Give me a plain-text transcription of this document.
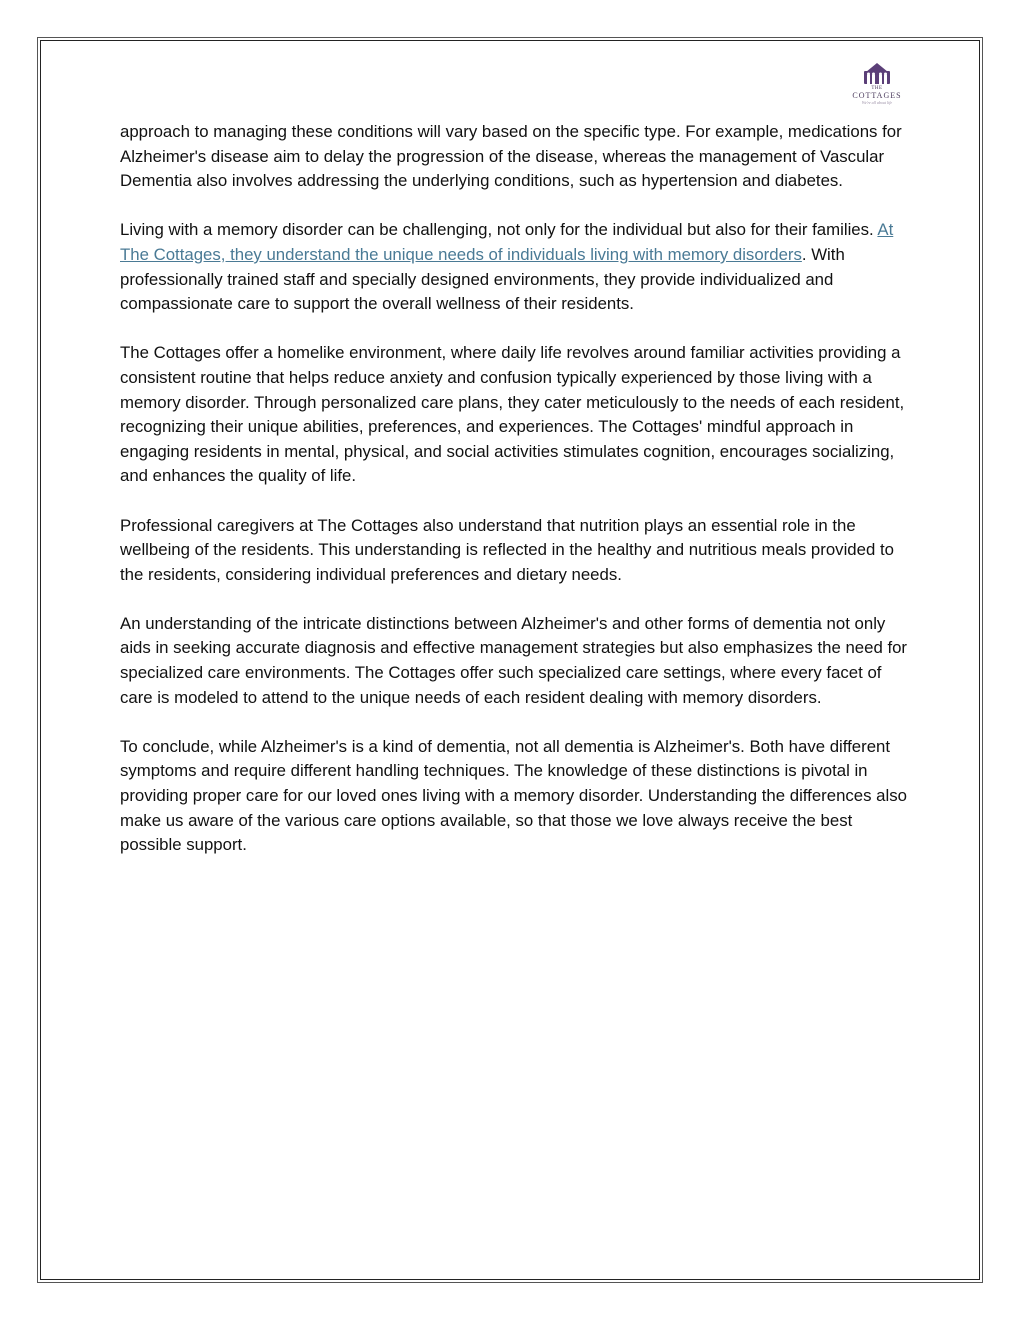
THE
COTTAGES
We're all about life

approach to managing these conditions will vary based on the specific type. For example, medications for Alzheimer's disease aim to delay the progression of the disease, whereas the management of Vascular Dementia also involves addressing the underlying conditions, such as hypertension and diabetes.

Living with a memory disorder can be challenging, not only for the individual but also for their families. At The Cottages, they understand the unique needs of individuals living with memory disorders. With professionally trained staff and specially designed environments, they provide individualized and compassionate care to support the overall wellness of their residents.

The Cottages offer a homelike environment, where daily life revolves around familiar activities providing a consistent routine that helps reduce anxiety and confusion typically experienced by those living with a memory disorder. Through personalized care plans, they cater meticulously to the needs of each resident, recognizing their unique abilities, preferences, and experiences. The Cottages' mindful approach in engaging residents in mental, physical, and social activities stimulates cognition, encourages socializing, and enhances the quality of life.

Professional caregivers at The Cottages also understand that nutrition plays an essential role in the wellbeing of the residents. This understanding is reflected in the healthy and nutritious meals provided to the residents, considering individual preferences and dietary needs.

An understanding of the intricate distinctions between Alzheimer's and other forms of dementia not only aids in seeking accurate diagnosis and effective management strategies but also emphasizes the need for specialized care environments. The Cottages offer such specialized care settings, where every facet of care is modeled to attend to the unique needs of each resident dealing with memory disorders.

To conclude, while Alzheimer's is a kind of dementia, not all dementia is Alzheimer's. Both have different symptoms and require different handling techniques. The knowledge of these distinctions is pivotal in providing proper care for our loved ones living with a memory disorder. Understanding the differences also make us aware of the various care options available, so that those we love always receive the best possible support.
